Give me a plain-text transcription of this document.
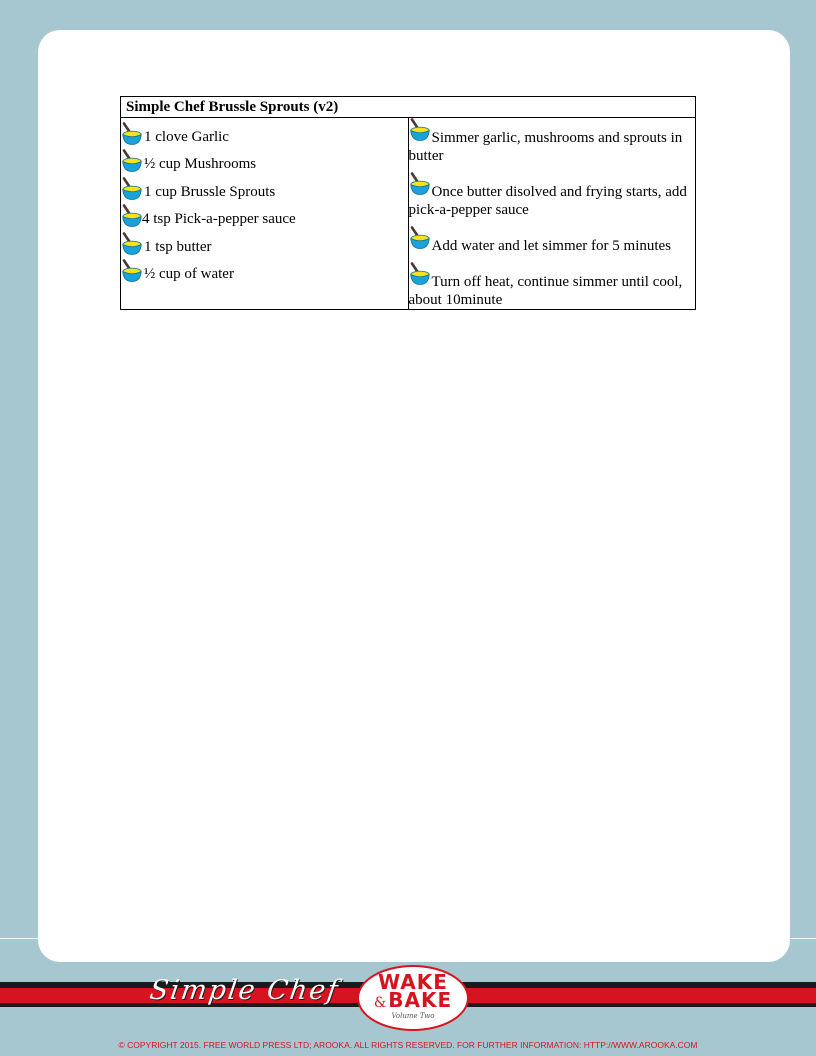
Simple Chef Brussle Sprouts (v2)

1 clove Garlic
½ cup Mushrooms
1 cup Brussle Sprouts
4 tsp Pick-a-pepper sauce
1 tsp butter
½ cup of water

Simmer garlic, mushrooms and sprouts in butter
Once butter disolved and frying starts, add pick-a-pepper sauce
Add water and let simmer for 5 minutes
Turn off heat, continue simmer until cool, about 10minute
Simple Chef	WAKE
&BAKE
Volume Two
© COPYRIGHT 2015. FREE WORLD PRESS LTD; AROOKA. ALL RIGHTS RESERVED. FOR FURTHER INFORMATION: HTTP://WWW.AROOKA.COM
